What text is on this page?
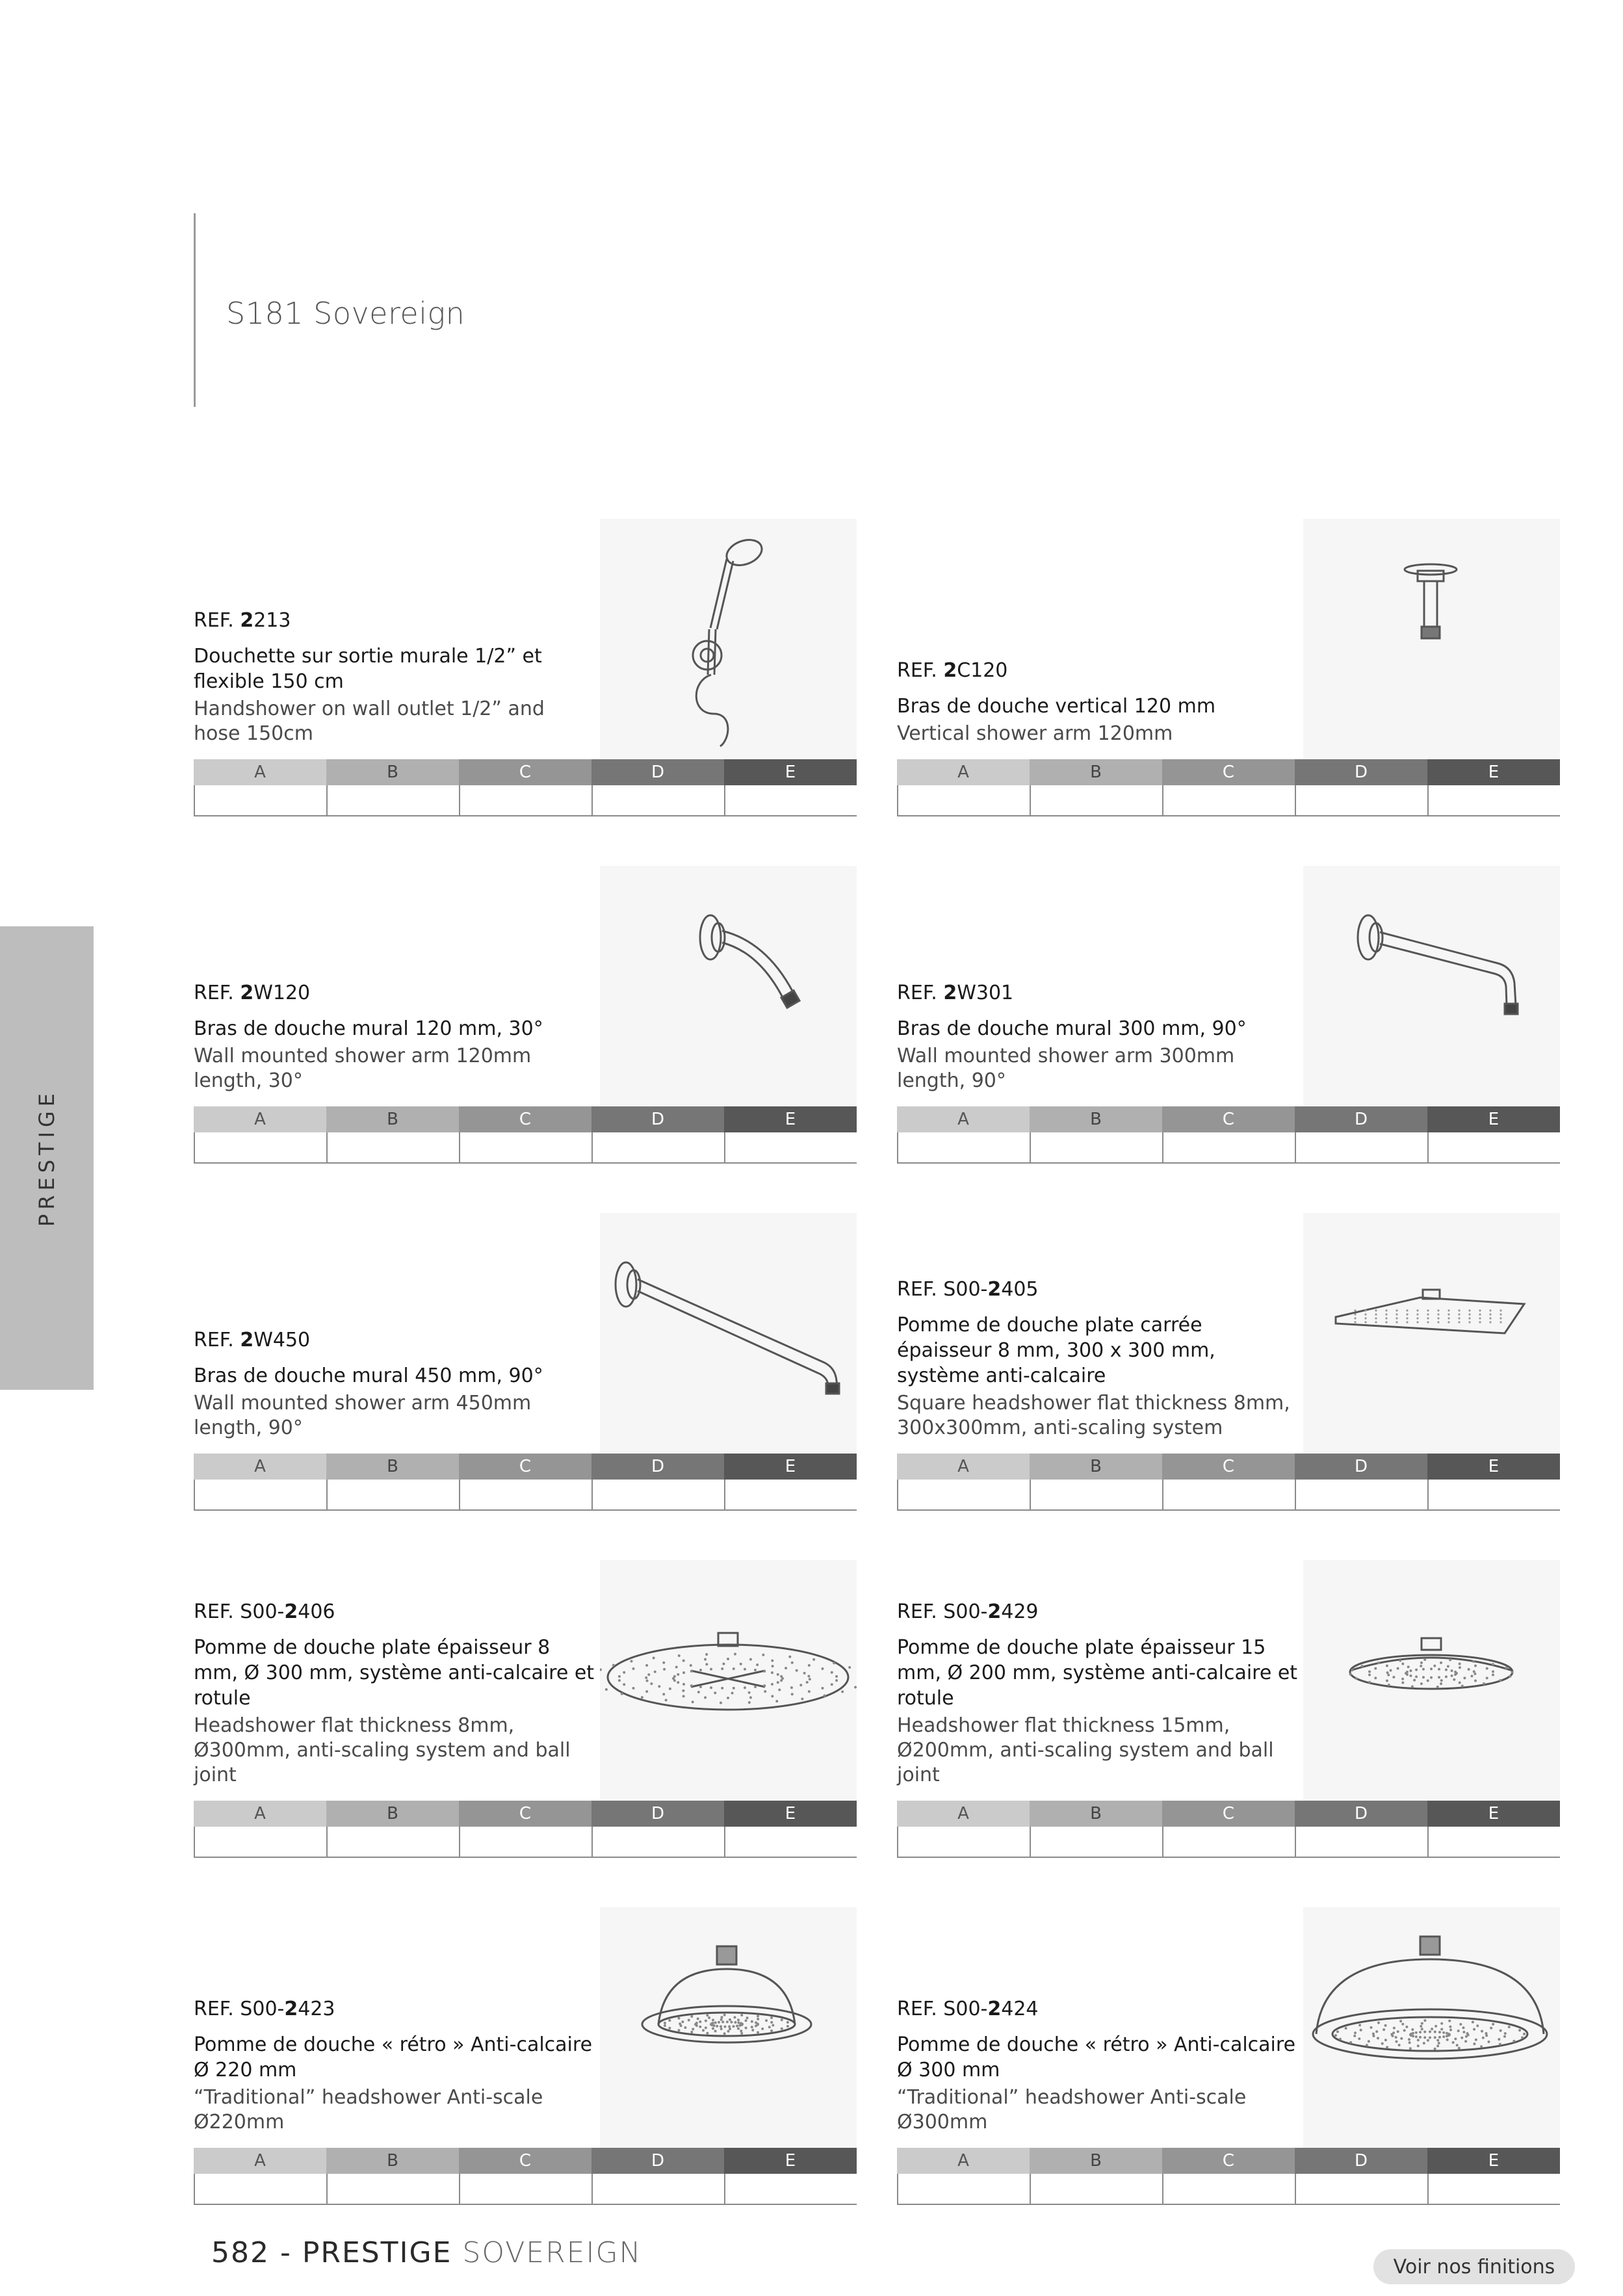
S181 Sovereign
PRESTIGE
REF. 2213
Douchette sur sortie murale 1/2” et flexible 150 cm
Handshower on wall outlet 1/2” and hose 150cm
A	B	C	D	E
REF. 2C120
Bras de douche vertical 120 mm
Vertical shower arm 120mm
A	B	C	D	E
REF. 2W120
Bras de douche mural 120 mm, 30°
Wall mounted shower arm 120mm length, 30°
A	B	C	D	E
REF. 2W301
Bras de douche mural 300 mm, 90°
Wall mounted shower arm 300mm length, 90°
A	B	C	D	E
REF. 2W450
Bras de douche mural 450 mm, 90°
Wall mounted shower arm 450mm length, 90°
A	B	C	D	E
REF. S00-2405
Pomme de douche plate carrée épaisseur 8 mm, 300 x 300 mm, système anti-calcaire
Square headshower flat thickness 8mm, 300x300mm, anti-scaling system
A	B	C	D	E
REF. S00-2406
Pomme de douche plate épaisseur 8 mm, Ø 300 mm, système anti-calcaire et rotule
Headshower flat thickness 8mm, Ø300mm, anti-scaling system and ball joint
A	B	C	D	E
REF. S00-2429
Pomme de douche plate épaisseur 15 mm, Ø 200 mm, système anti-calcaire et rotule
Headshower flat thickness 15mm, Ø200mm, anti-scaling system and ball joint
A	B	C	D	E
REF. S00-2423
Pomme de douche « rétro » Anti-calcaire Ø 220 mm
“Traditional” headshower Anti-scale Ø220mm
A	B	C	D	E
REF. S00-2424
Pomme de douche « rétro » Anti-calcaire Ø 300 mm
“Traditional” headshower Anti-scale Ø300mm
A	B	C	D	E
582 - PRESTIGE SOVEREIGN	Voir nos finitions
